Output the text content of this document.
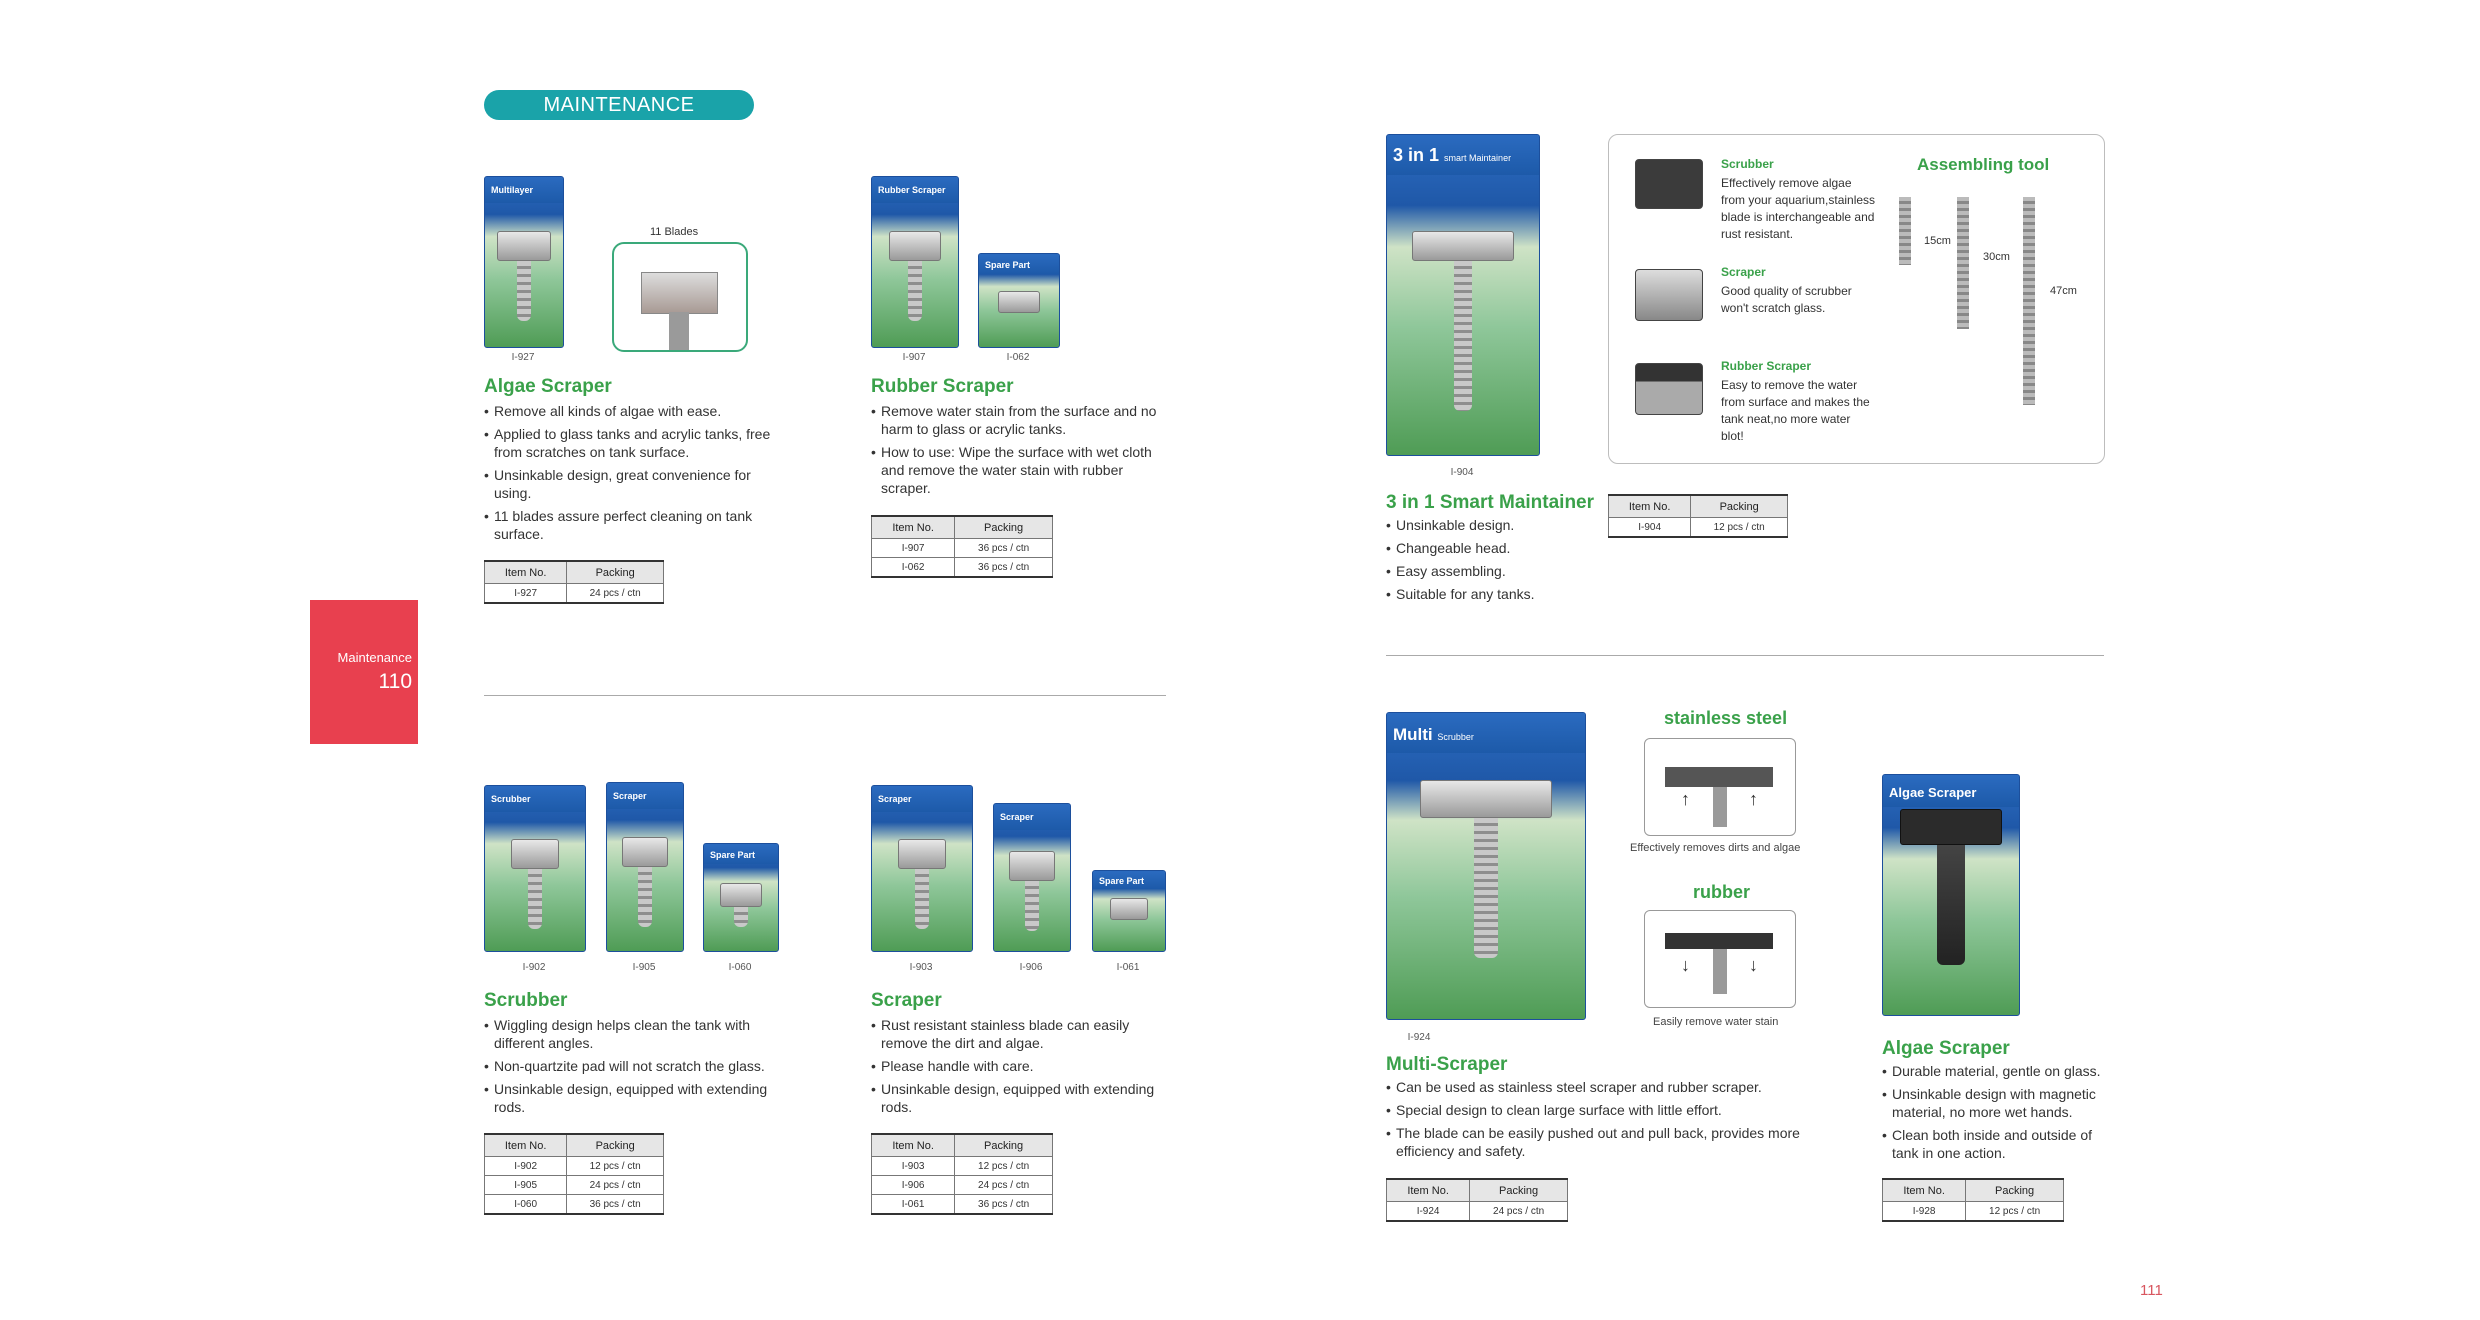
MAINTENANCE
Maintenance
110
Multilayer
I-927
11 Blades
Algae Scraper
• Remove all kinds of algae with ease.
• Applied to glass tanks and acrylic tanks, free from scratches on tank surface.
• Unsinkable design, great convenience for using.
• 11 blades assure perfect cleaning on tank surface.
Item No.	Packing
I-927	24 pcs / ctn
Rubber Scraper
Spare Part
I-907	I-062
Rubber Scraper
• Remove water stain from the surface and no harm to glass or acrylic tanks.
• How to use: Wipe the surface with wet cloth and remove the water stain with rubber scraper.
Item No.	Packing
I-907	36 pcs / ctn
I-062	36 pcs / ctn
3 in 1 smart Maintainer
I-904
3 in 1 Smart Maintainer
• Unsinkable design.
• Changeable head.
• Easy assembling.
• Suitable for any tanks.
Item No.	Packing
I-904	12 pcs / ctn
Scrubber
Effectively remove algae from your aquarium,stainless blade is interchangeable and rust resistant.
Scraper
Good quality of scrubber won't scratch glass.
Rubber Scraper
Easy to remove the water from surface and makes the tank neat,no more water blot!
Assembling tool
15cm
30cm
47cm
Scrubber	Scraper
Spare Part
I-902	I-905	I-060
Scrubber
• Wiggling design helps clean the tank with different angles.
• Non-quartzite pad will not scratch the glass.
• Unsinkable design, equipped with extending rods.
Item No.	Packing
I-902	12 pcs / ctn
I-905	24 pcs / ctn
I-060	36 pcs / ctn
Scraper
Scraper
Spare Part
I-903	I-906	I-061
Scraper
• Rust resistant stainless blade can easily remove the dirt and algae.
• Please handle with care.
• Unsinkable design, equipped with extending rods.
Item No.	Packing
I-903	12 pcs / ctn
I-906	24 pcs / ctn
I-061	36 pcs / ctn
Multi Scrubber
I-924
stainless steel
↑	↑
Effectively removes dirts and algae
rubber
↓	↓
Easily remove water stain
Multi-Scraper
• Can be used as stainless steel scraper and rubber scraper.
• Special design to clean large surface with little effort.
• The blade can be easily pushed out and pull back, provides more efficiency and safety.
Item No.	Packing
I-924	24 pcs / ctn
Algae Scraper
Algae Scraper
• Durable material, gentle on glass.
• Unsinkable design with magnetic material, no more wet hands.
• Clean both inside and outside of tank in one action.
Item No.	Packing
I-928	12 pcs / ctn
111
